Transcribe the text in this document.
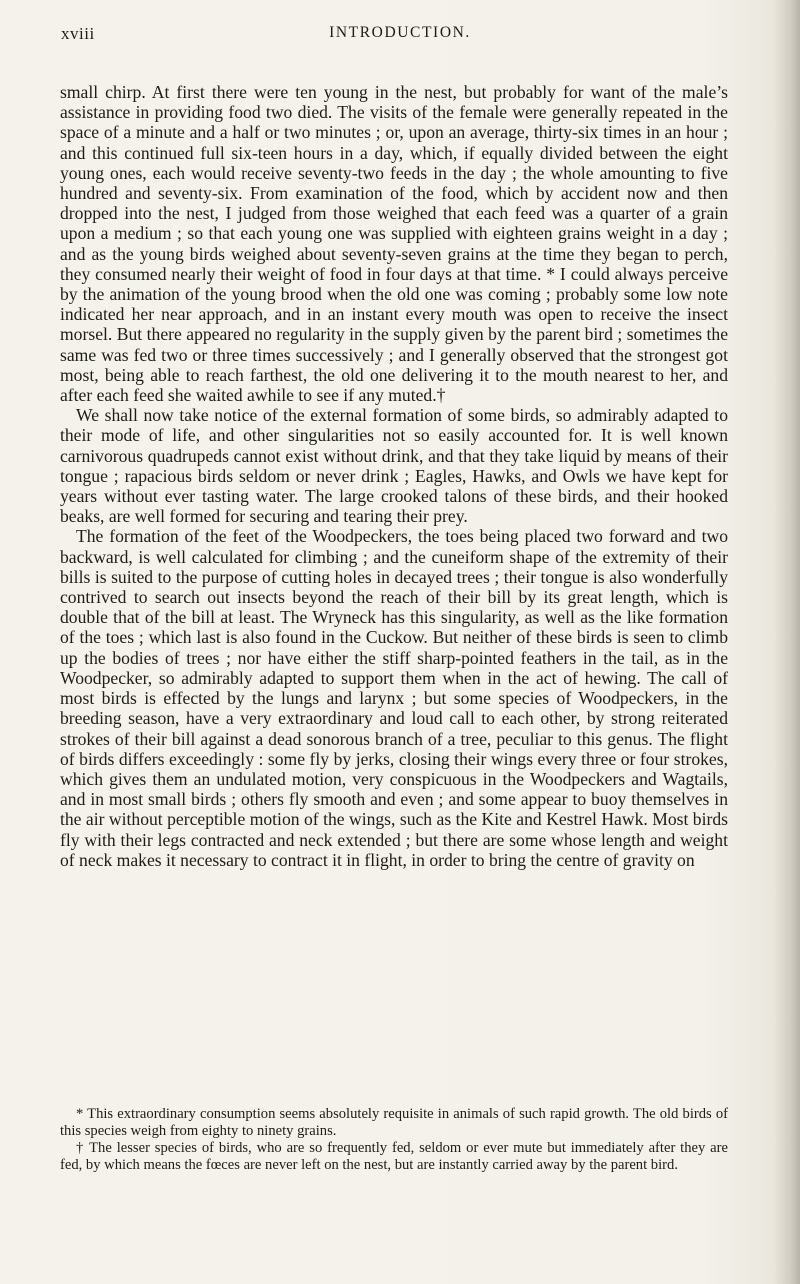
xviii	INTRODUCTION.

small chirp. At first there were ten young in the nest, but probably for want of the male’s assistance in providing food two died. The visits of the female were generally repeated in the space of a minute and a half or two minutes ; or, upon an average, thirty-six times in an hour ; and this continued full six-teen hours in a day, which, if equally divided between the eight young ones, each would receive seventy-two feeds in the day ; the whole amounting to five hundred and seventy-six. From examination of the food, which by accident now and then dropped into the nest, I judged from those weighed that each feed was a quarter of a grain upon a medium ; so that each young one was supplied with eighteen grains weight in a day ; and as the young birds weighed about seventy-seven grains at the time they began to perch, they consumed nearly their weight of food in four days at that time. * I could always perceive by the animation of the young brood when the old one was coming ; probably some low note indicated her near approach, and in an instant every mouth was open to receive the insect morsel. But there appeared no regularity in the supply given by the parent bird ; sometimes the same was fed two or three times successively ; and I generally observed that the strongest got most, being able to reach farthest, the old one delivering it to the mouth nearest to her, and after each feed she waited awhile to see if any muted.†

We shall now take notice of the external formation of some birds, so admirably adapted to their mode of life, and other singularities not so easily accounted for. It is well known carnivorous quadrupeds cannot exist without drink, and that they take liquid by means of their tongue ; rapacious birds seldom or never drink ; Eagles, Hawks, and Owls we have kept for years without ever tasting water. The large crooked talons of these birds, and their hooked beaks, are well formed for securing and tearing their prey.

The formation of the feet of the Woodpeckers, the toes being placed two forward and two backward, is well calculated for climbing ; and the cuneiform shape of the extremity of their bills is suited to the purpose of cutting holes in decayed trees ; their tongue is also wonderfully contrived to search out insects beyond the reach of their bill by its great length, which is double that of the bill at least. The Wryneck has this singularity, as well as the like formation of the toes ; which last is also found in the Cuckow. But neither of these birds is seen to climb up the bodies of trees ; nor have either the stiff sharp-pointed feathers in the tail, as in the Woodpecker, so admirably adapted to support them when in the act of hewing. The call of most birds is effected by the lungs and larynx ; but some species of Woodpeckers, in the breeding season, have a very extraordinary and loud call to each other, by strong reiterated strokes of their bill against a dead sonorous branch of a tree, peculiar to this genus. The flight of birds differs exceedingly : some fly by jerks, closing their wings every three or four strokes, which gives them an undulated motion, very conspicuous in the Woodpeckers and Wagtails, and in most small birds ; others fly smooth and even ; and some appear to buoy themselves in the air without perceptible motion of the wings, such as the Kite and Kestrel Hawk. Most birds fly with their legs contracted and neck extended ; but there are some whose length and weight of neck makes it necessary to contract it in flight, in order to bring the centre of gravity on

* This extraordinary consumption seems absolutely requisite in animals of such rapid growth. The old birds of this species weigh from eighty to ninety grains.

† The lesser species of birds, who are so frequently fed, seldom or ever mute but immediately after they are fed, by which means the fœces are never left on the nest, but are instantly carried away by the parent bird.
